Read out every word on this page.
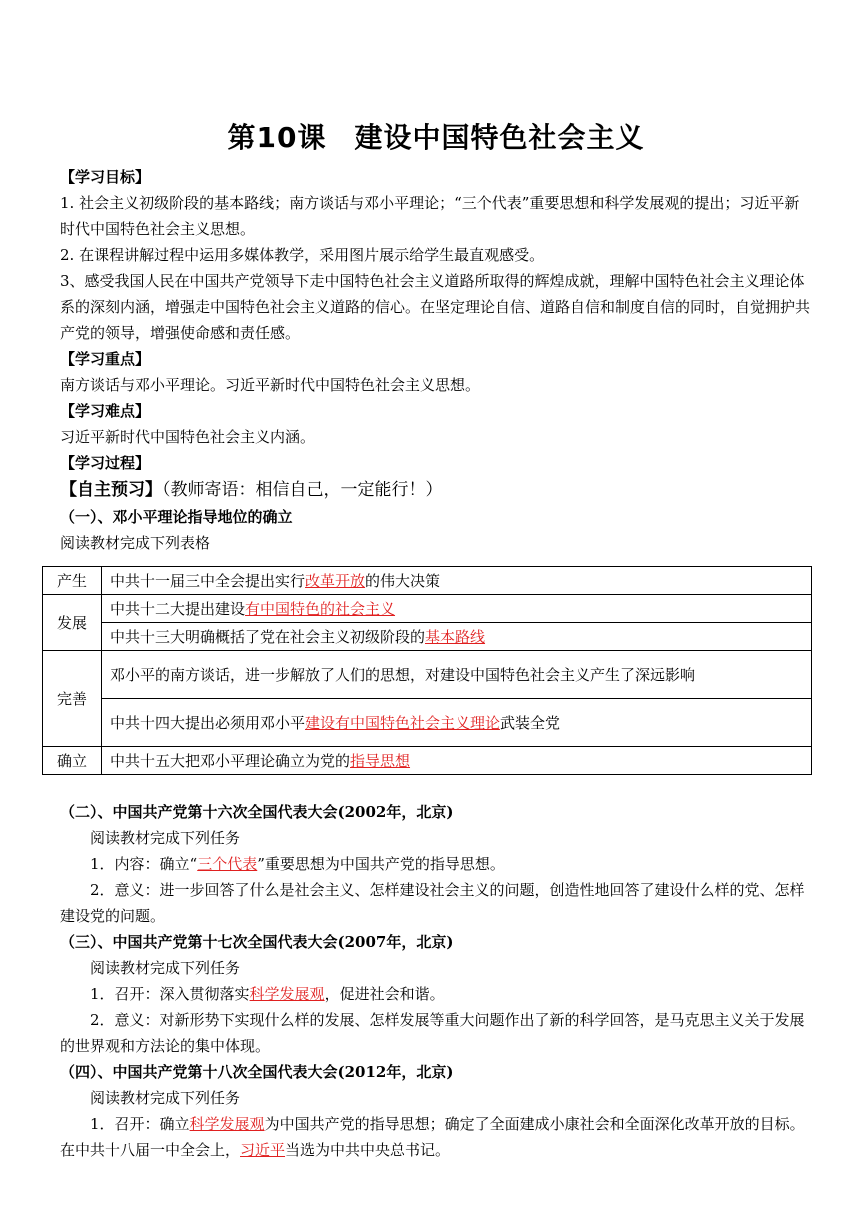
第10课 建设中国特色社会主义

【学习目标】

1. 社会主义初级阶段的基本路线；南方谈话与邓小平理论；“三个代表”重要思想和科学发展观的提出；习近平新时代中国特色社会主义思想。

2. 在课程讲解过程中运用多媒体教学，采用图片展示给学生最直观感受。

3、感受我国人民在中国共产党领导下走中国特色社会主义道路所取得的辉煌成就，理解中国特色社会主义理论体系的深刻内涵，增强走中国特色社会主义道路的信心。在坚定理论自信、道路自信和制度自信的同时，自觉拥护共产党的领导，增强使命感和责任感。

【学习重点】

南方谈话与邓小平理论。习近平新时代中国特色社会主义思想。

【学习难点】

习近平新时代中国特色社会主义内涵。

【学习过程】

【自主预习】（教师寄语：相信自己，一定能行！）

（一）、邓小平理论指导地位的确立

阅读教材完成下列表格

产生	中共十一届三中全会提出实行改革开放的伟大决策
发展	中共十二大提出建设有中国特色的社会主义
	中共十三大明确概括了党在社会主义初级阶段的基本路线
完善	邓小平的南方谈话，进一步解放了人们的思想，对建设中国特色社会主义产生了深远影响
	中共十四大提出必须用邓小平建设有中国特色社会主义理论武装全党
确立	中共十五大把邓小平理论确立为党的指导思想

（二）、中国共产党第十六次全国代表大会(2002年，北京)

阅读教材完成下列任务

1．内容：确立“三个代表”重要思想为中国共产党的指导思想。

2．意义：进一步回答了什么是社会主义、怎样建设社会主义的问题，创造性地回答了建设什么样的党、怎样建设党的问题。

（三）、中国共产党第十七次全国代表大会(2007年，北京)

阅读教材完成下列任务

1．召开：深入贯彻落实科学发展观，促进社会和谐。

2．意义：对新形势下实现什么样的发展、怎样发展等重大问题作出了新的科学回答，是马克思主义关于发展的世界观和方法论的集中体现。

（四）、中国共产党第十八次全国代表大会(2012年，北京)

阅读教材完成下列任务

1．召开：确立科学发展观为中国共产党的指导思想；确定了全面建成小康社会和全面深化改革开放的目标。在中共十八届一中全会上，习近平当选为中共中央总书记。
